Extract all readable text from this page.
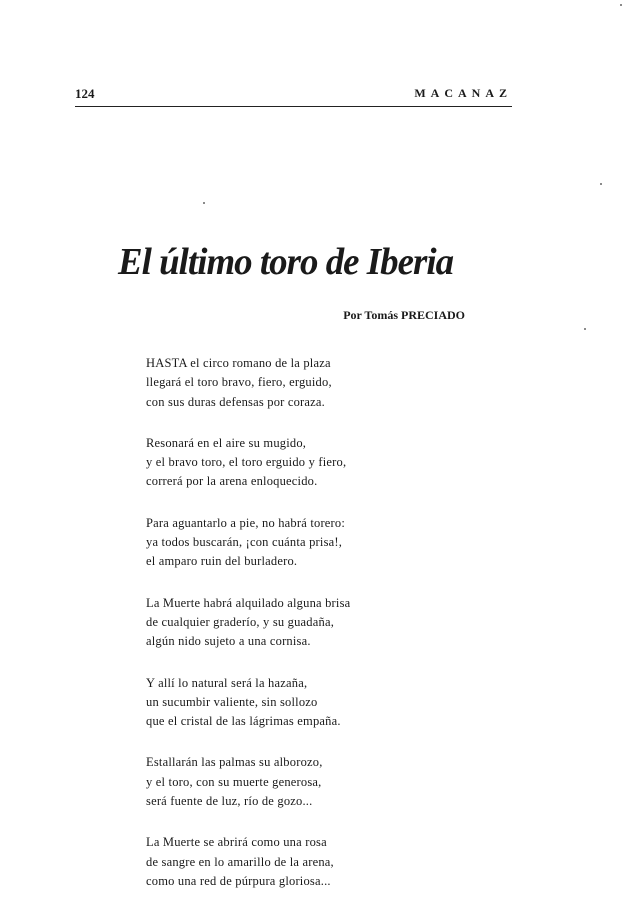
124	MACANAZ
El último toro de Iberia
Por Tomás PRECIADO
HASTA el circo romano de la plaza
llegará el toro bravo, fiero, erguido,
con sus duras defensas por coraza.
Resonará en el aire su mugido,
y el bravo toro, el toro erguido y fiero,
correrá por la arena enloquecido.
Para aguantarlo a pie, no habrá torero:
ya todos buscarán, ¡con cuánta prisa!,
el amparo ruin del burladero.
La Muerte habrá alquilado alguna brisa
de cualquier graderío, y su guadaña,
algún nido sujeto a una cornisa.
Y allí lo natural será la hazaña,
un sucumbir valiente, sin sollozo
que el cristal de las lágrimas empaña.
Estallarán las palmas su alborozo,
y el toro, con su muerte generosa,
será fuente de luz, río de gozo...
La Muerte se abrirá como una rosa
de sangre en lo amarillo de la arena,
como una red de púrpura gloriosa...
